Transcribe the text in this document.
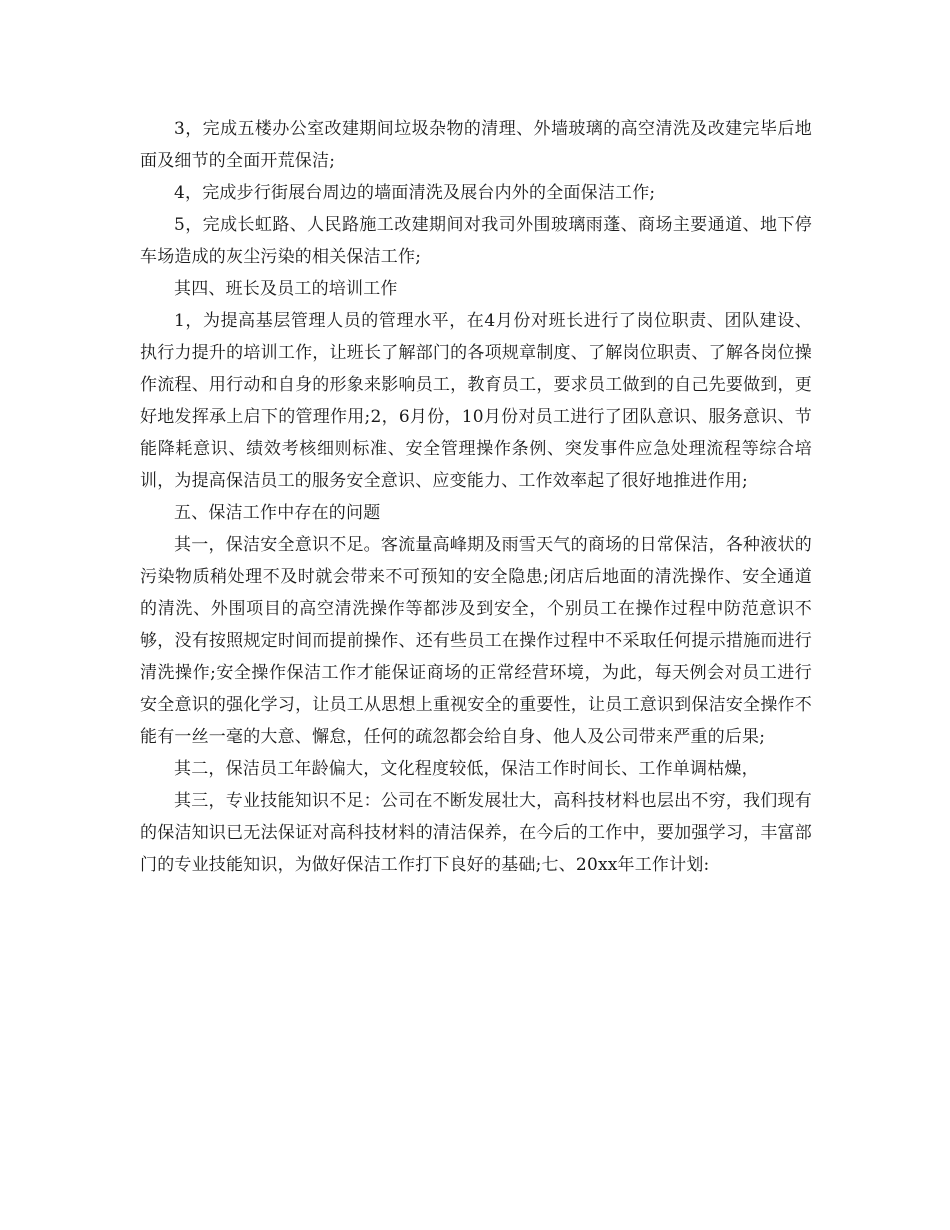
3，完成五楼办公室改建期间垃圾杂物的清理、外墙玻璃的高空清洗及改建完毕后地面及细节的全面开荒保洁;

4，完成步行街展台周边的墙面清洗及展台内外的全面保洁工作;

5，完成长虹路、人民路施工改建期间对我司外围玻璃雨蓬、商场主要通道、地下停车场造成的灰尘污染的相关保洁工作;

其四、班长及员工的培训工作

1，为提高基层管理人员的管理水平，在4月份对班长进行了岗位职责、团队建设、执行力提升的培训工作，让班长了解部门的各项规章制度、了解岗位职责、了解各岗位操作流程、用行动和自身的形象来影响员工，教育员工，要求员工做到的自己先要做到，更好地发挥承上启下的管理作用;2，6月份，10月份对员工进行了团队意识、服务意识、节能降耗意识、绩效考核细则标准、安全管理操作条例、突发事件应急处理流程等综合培训，为提高保洁员工的服务安全意识、应变能力、工作效率起了很好地推进作用;

五、保洁工作中存在的问题

其一，保洁安全意识不足。客流量高峰期及雨雪天气的商场的日常保洁，各种液状的污染物质稍处理不及时就会带来不可预知的安全隐患;闭店后地面的清洗操作、安全通道的清洗、外围项目的高空清洗操作等都涉及到安全，个别员工在操作过程中防范意识不够，没有按照规定时间而提前操作、还有些员工在操作过程中不采取任何提示措施而进行清洗操作;安全操作保洁工作才能保证商场的正常经营环境，为此，每天例会对员工进行安全意识的强化学习，让员工从思想上重视安全的重要性，让员工意识到保洁安全操作不能有一丝一毫的大意、懈怠，任何的疏忽都会给自身、他人及公司带来严重的后果;

其二，保洁员工年龄偏大，文化程度较低，保洁工作时间长、工作单调枯燥，

其三，专业技能知识不足：公司在不断发展壮大，高科技材料也层出不穷，我们现有的保洁知识已无法保证对高科技材料的清洁保养，在今后的工作中，要加强学习，丰富部门的专业技能知识，为做好保洁工作打下良好的基础;七、20xx年工作计划:
